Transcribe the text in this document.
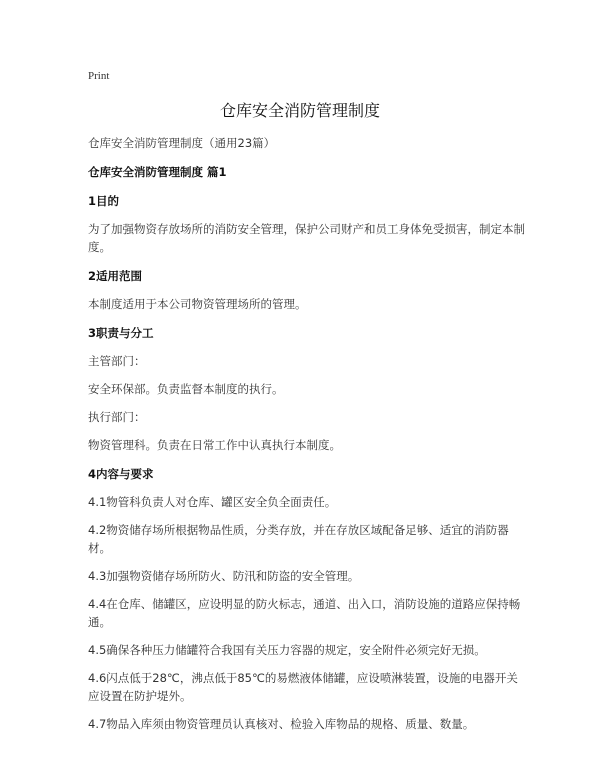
Print
仓库安全消防管理制度

仓库安全消防管理制度（通用23篇）

仓库安全消防管理制度 篇1

1目的

为了加强物资存放场所的消防安全管理，保护公司财产和员工身体免受损害，制定本制度。

2适用范围

本制度适用于本公司物资管理场所的管理。

3职责与分工

主管部门：

安全环保部。负责监督本制度的执行。

执行部门：

物资管理科。负责在日常工作中认真执行本制度。

4内容与要求

4.1物管科负责人对仓库、罐区安全负全面责任。

4.2物资储存场所根据物品性质，分类存放，并在存放区域配备足够、适宜的消防器材。

4.3加强物资储存场所防火、防汛和防盗的安全管理。

4.4在仓库、储罐区，应设明显的防火标志，通道、出入口，消防设施的道路应保持畅通。

4.5确保各种压力储罐符合我国有关压力容器的规定，安全附件必须完好无损。

4.6闪点低于28℃，沸点低于85℃的易燃液体储罐，应设喷淋装置，设施的电器开关应设置在防护堤外。

4.7物品入库须由物资管理员认真核对、检验入库物品的规格、质量、数量。
